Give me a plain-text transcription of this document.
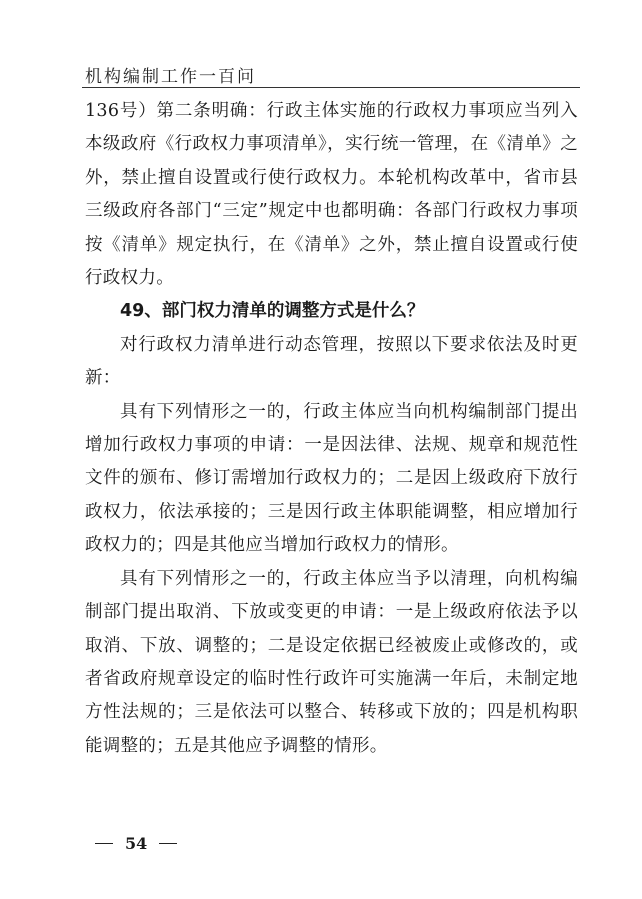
机构编制工作一百问

136号）第二条明确：行政主体实施的行政权力事项应当列入本级政府《行政权力事项清单》，实行统一管理，在《清单》之外，禁止擅自设置或行使行政权力。本轮机构改革中，省市县三级政府各部门“三定”规定中也都明确：各部门行政权力事项按《清单》规定执行，在《清单》之外，禁止擅自设置或行使行政权力。

49、部门权力清单的调整方式是什么？

对行政权力清单进行动态管理，按照以下要求依法及时更新：

具有下列情形之一的，行政主体应当向机构编制部门提出增加行政权力事项的申请：一是因法律、法规、规章和规范性文件的颁布、修订需增加行政权力的；二是因上级政府下放行政权力，依法承接的；三是因行政主体职能调整，相应增加行政权力的；四是其他应当增加行政权力的情形。

具有下列情形之一的，行政主体应当予以清理，向机构编制部门提出取消、下放或变更的申请：一是上级政府依法予以取消、下放、调整的；二是设定依据已经被废止或修改的，或者省政府规章设定的临时性行政许可实施满一年后，未制定地方性法规的；三是依法可以整合、转移或下放的；四是机构职能调整的；五是其他应予调整的情形。

54
